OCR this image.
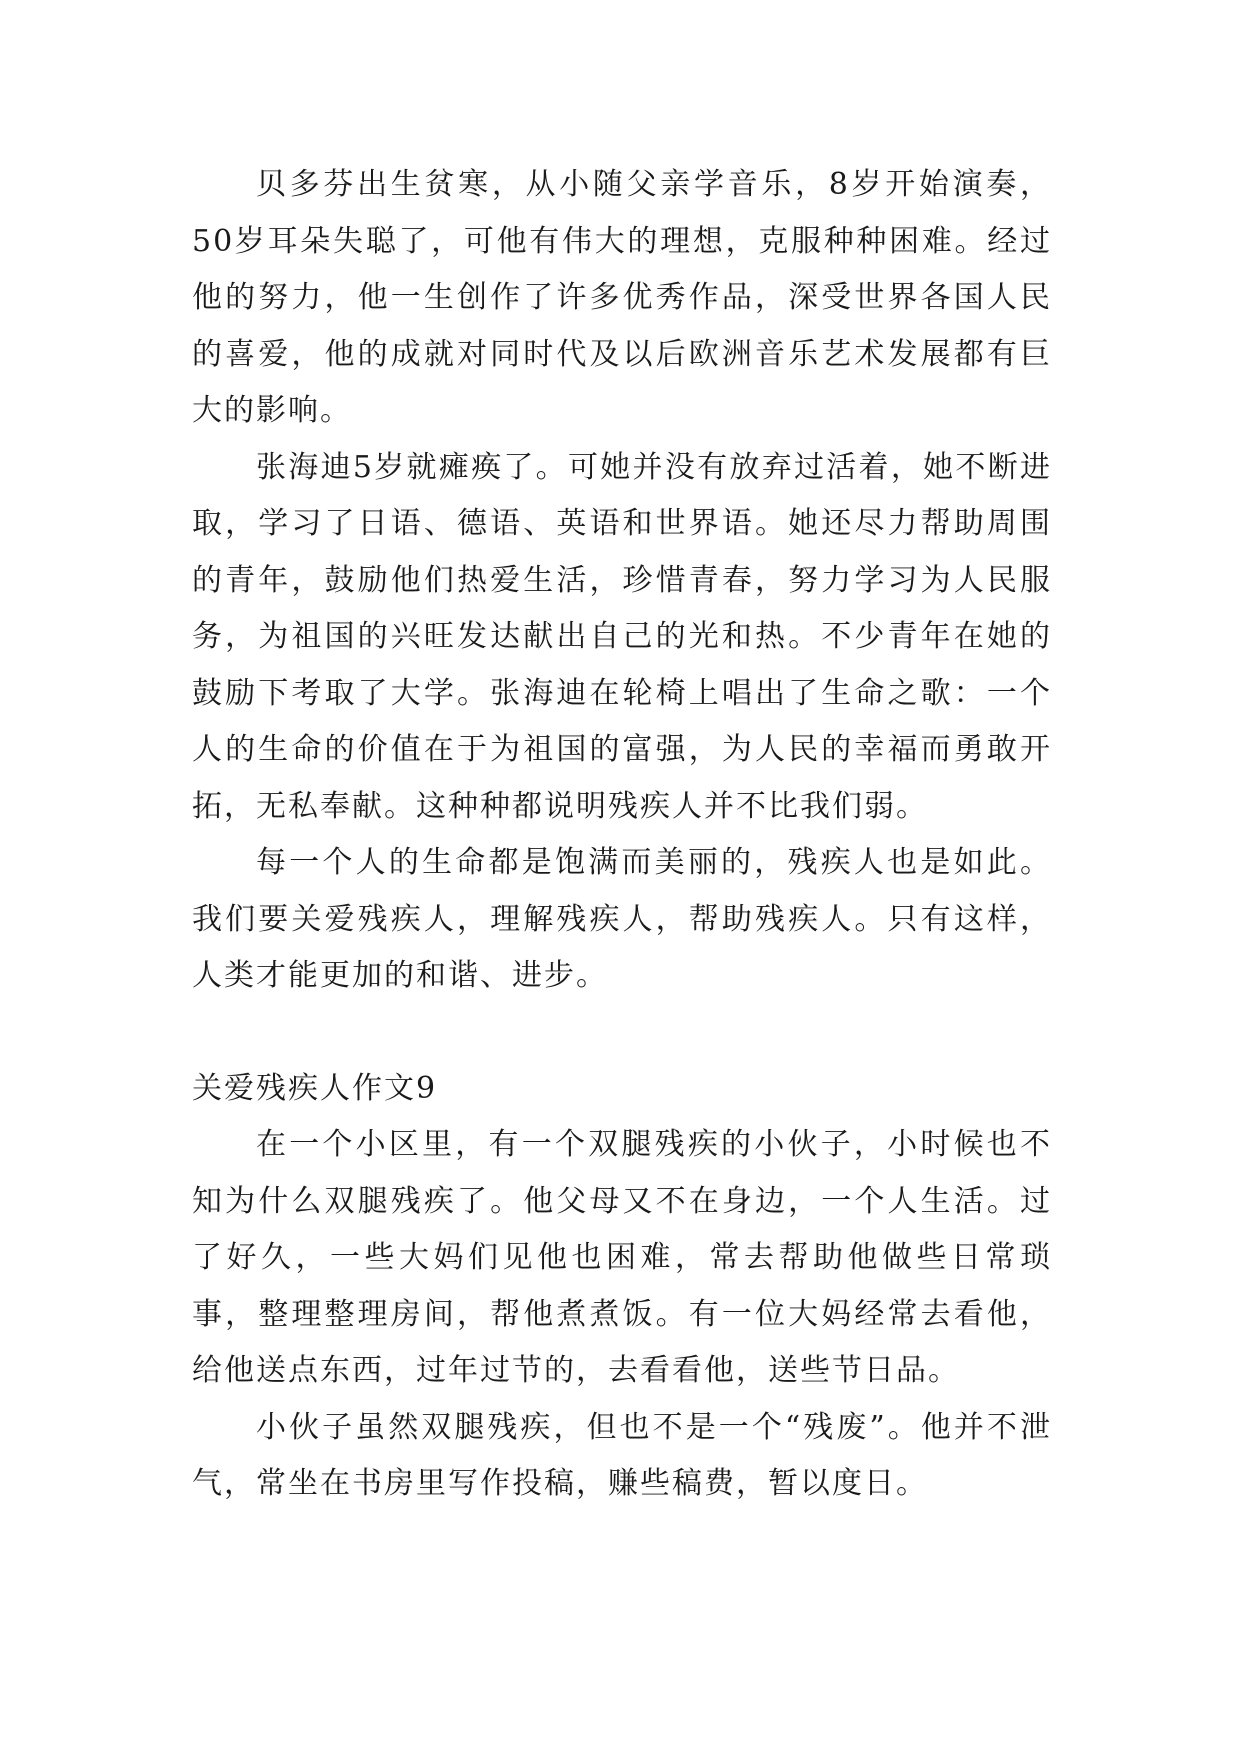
贝多芬出生贫寒，从小随父亲学音乐，8岁开始演奏，50岁耳朵失聪了，可他有伟大的理想，克服种种困难。经过他的努力，他一生创作了许多优秀作品，深受世界各国人民的喜爱，他的成就对同时代及以后欧洲音乐艺术发展都有巨大的影响。

张海迪5岁就瘫痪了。可她并没有放弃过活着，她不断进取，学习了日语、德语、英语和世界语。她还尽力帮助周围的青年，鼓励他们热爱生活，珍惜青春，努力学习为人民服务，为祖国的兴旺发达献出自己的光和热。不少青年在她的鼓励下考取了大学。张海迪在轮椅上唱出了生命之歌：一个人的生命的价值在于为祖国的富强，为人民的幸福而勇敢开拓，无私奉献。这种种都说明残疾人并不比我们弱。

每一个人的生命都是饱满而美丽的，残疾人也是如此。我们要关爱残疾人，理解残疾人，帮助残疾人。只有这样，人类才能更加的和谐、进步。

关爱残疾人作文9

在一个小区里，有一个双腿残疾的小伙子，小时候也不知为什么双腿残疾了。他父母又不在身边，一个人生活。过了好久，一些大妈们见他也困难，常去帮助他做些日常琐事，整理整理房间，帮他煮煮饭。有一位大妈经常去看他，给他送点东西，过年过节的，去看看他，送些节日品。

小伙子虽然双腿残疾，但也不是一个“残废”。他并不泄气，常坐在书房里写作投稿，赚些稿费，暂以度日。
